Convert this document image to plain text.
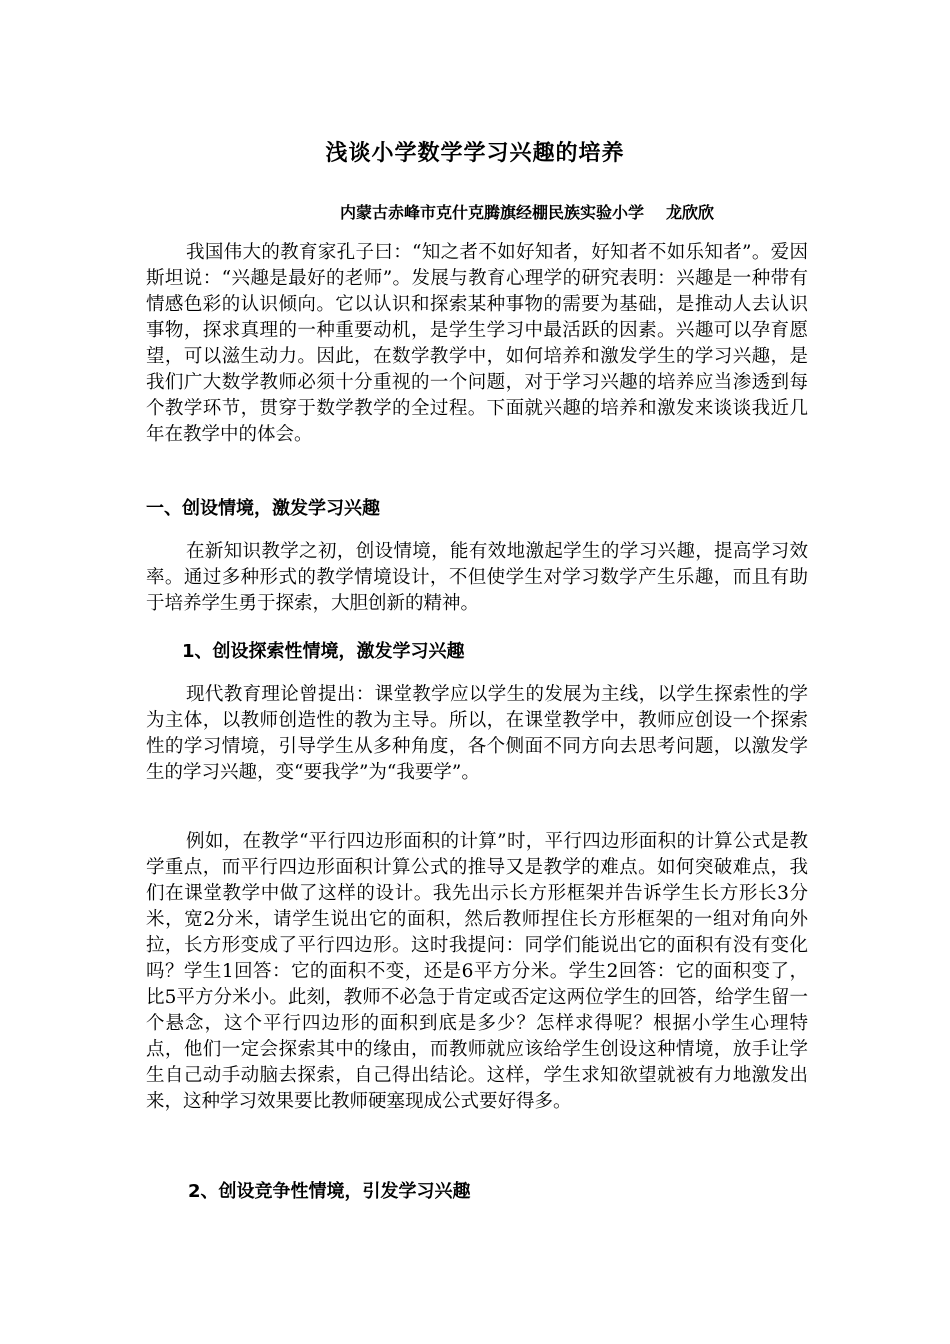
浅谈小学数学学习兴趣的培养
内蒙古赤峰市克什克腾旗经棚民族实验小学 龙欣欣

我国伟大的教育家孔子曰：“知之者不如好知者，好知者不如乐知者”。爱因斯坦说：“兴趣是最好的老师”。发展与教育心理学的研究表明：兴趣是一种带有情感色彩的认识倾向。它以认识和探索某种事物的需要为基础，是推动人去认识事物，探求真理的一种重要动机，是学生学习中最活跃的因素。兴趣可以孕育愿望，可以滋生动力。因此，在数学教学中，如何培养和激发学生的学习兴趣，是我们广大数学教师必须十分重视的一个问题，对于学习兴趣的培养应当渗透到每个教学环节，贯穿于数学教学的全过程。下面就兴趣的培养和激发来谈谈我近几年在教学中的体会。

一、创设情境，激发学习兴趣

在新知识教学之初，创设情境，能有效地激起学生的学习兴趣，提高学习效率。通过多种形式的教学情境设计，不但使学生对学习数学产生乐趣，而且有助于培养学生勇于探索，大胆创新的精神。

1、创设探索性情境，激发学习兴趣

现代教育理论曾提出：课堂教学应以学生的发展为主线，以学生探索性的学为主体，以教师创造性的教为主导。所以，在课堂教学中，教师应创设一个探索性的学习情境，引导学生从多种角度，各个侧面不同方向去思考问题，以激发学生的学习兴趣，变“要我学”为“我要学”。

例如，在教学“平行四边形面积的计算”时，平行四边形面积的计算公式是教学重点，而平行四边形面积计算公式的推导又是教学的难点。如何突破难点，我们在课堂教学中做了这样的设计。我先出示长方形框架并告诉学生长方形长3分米，宽2分米，请学生说出它的面积，然后教师捏住长方形框架的一组对角向外拉，长方形变成了平行四边形。这时我提问：同学们能说出它的面积有没有变化吗？学生1回答：它的面积不变，还是6平方分米。学生2回答：它的面积变了，比5平方分米小。此刻，教师不必急于肯定或否定这两位学生的回答，给学生留一个悬念，这个平行四边形的面积到底是多少？怎样求得呢？根据小学生心理特点，他们一定会探索其中的缘由，而教师就应该给学生创设这种情境，放手让学生自己动手动脑去探索，自己得出结论。这样，学生求知欲望就被有力地激发出来，这种学习效果要比教师硬塞现成公式要好得多。

2、创设竞争性情境，引发学习兴趣
